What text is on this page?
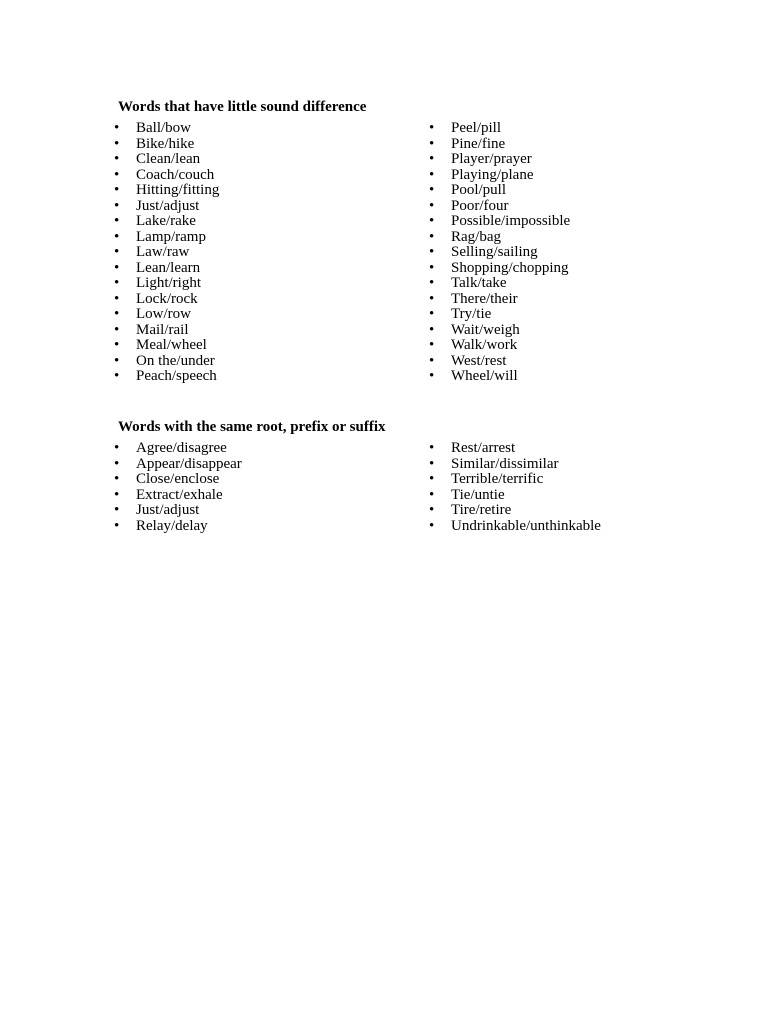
Words that have little sound difference
•	Ball/bow
•	Bike/hike
•	Clean/lean
•	Coach/couch
•	Hitting/fitting
•	Just/adjust
•	Lake/rake
•	Lamp/ramp
•	Law/raw
•	Lean/learn
•	Light/right
•	Lock/rock
•	Low/row
•	Mail/rail
•	Meal/wheel
•	On the/under
•	Peach/speech
•	Peel/pill
•	Pine/fine
•	Player/prayer
•	Playing/plane
•	Pool/pull
•	Poor/four
•	Possible/impossible
•	Rag/bag
•	Selling/sailing
•	Shopping/chopping
•	Talk/take
•	There/their
•	Try/tie
•	Wait/weigh
•	Walk/work
•	West/rest
•	Wheel/will
Words with the same root, prefix or suffix
•	Agree/disagree
•	Appear/disappear
•	Close/enclose
•	Extract/exhale
•	Just/adjust
•	Relay/delay
•	Rest/arrest
•	Similar/dissimilar
•	Terrible/terrific
•	Tie/untie
•	Tire/retire
•	Undrinkable/unthinkable
